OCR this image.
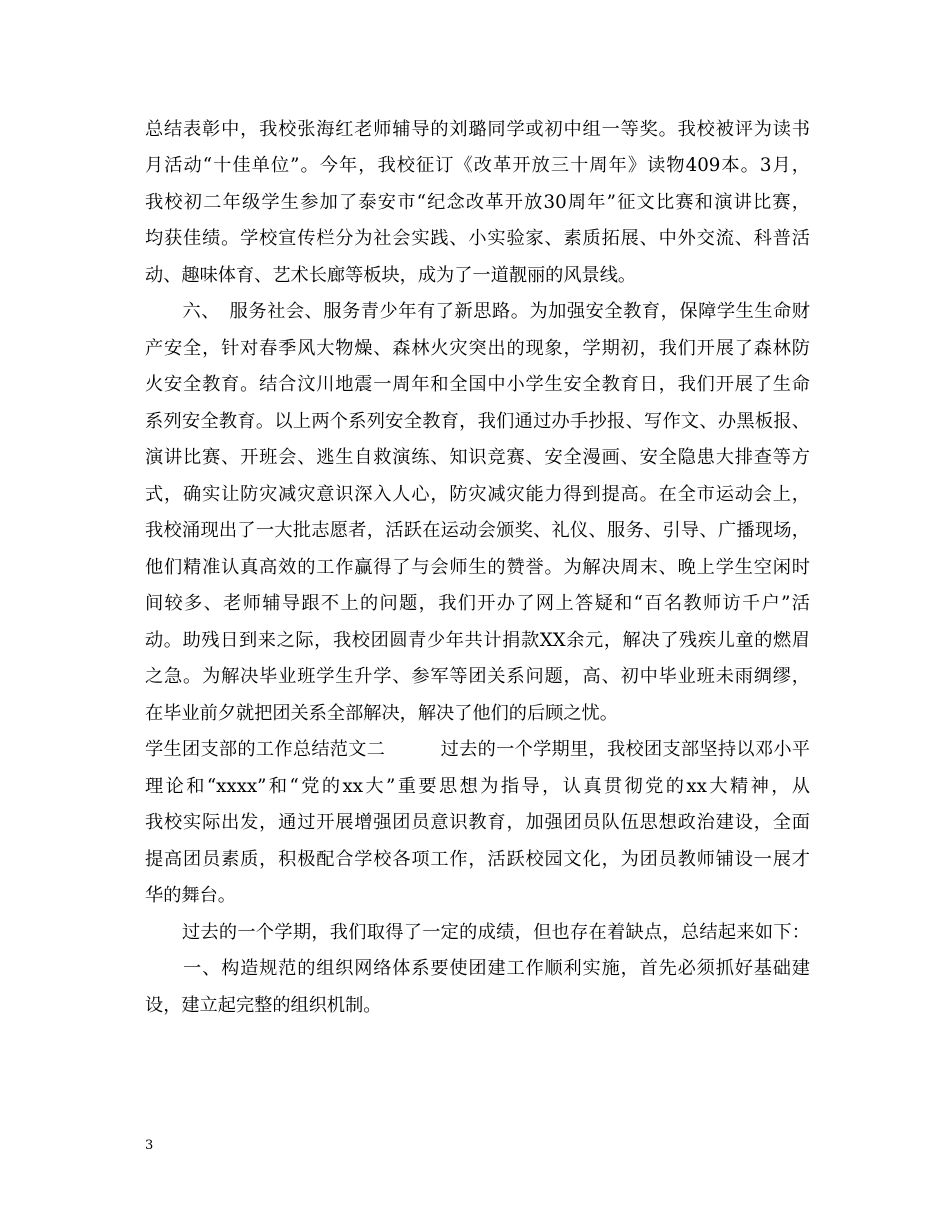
总结表彰中，我校张海红老师辅导的刘璐同学或初中组一等奖。我校被评为读书
月活动“十佳单位”。今年，我校征订《改革开放三十周年》读物409本。3月，
我校初二年级学生参加了泰安市“纪念改革开放30周年”征文比赛和演讲比赛，
均获佳绩。学校宣传栏分为社会实践、小实验家、素质拓展、中外交流、科普活
动、趣味体育、艺术长廊等板块，成为了一道靓丽的风景线。
　　六、　服务社会、服务青少年有了新思路。为加强安全教育，保障学生生命财
产安全，针对春季风大物燥、森林火灾突出的现象，学期初，我们开展了森林防
火安全教育。结合汶川地震一周年和全国中小学生安全教育日，我们开展了生命
系列安全教育。以上两个系列安全教育，我们通过办手抄报、写作文、办黑板报、
演讲比赛、开班会、逃生自救演练、知识竞赛、安全漫画、安全隐患大排查等方
式，确实让防灾减灾意识深入人心，防灾减灾能力得到提高。在全市运动会上，
我校涌现出了一大批志愿者，活跃在运动会颁奖、礼仪、服务、引导、广播现场，
他们精准认真高效的工作赢得了与会师生的赞誉。为解决周末、晚上学生空闲时
间较多、老师辅导跟不上的问题，我们开办了网上答疑和“百名教师访千户”活
动。助残日到来之际，我校团圆青少年共计捐款XX余元，解决了残疾儿童的燃眉
之急。为解决毕业班学生升学、参军等团关系问题，高、初中毕业班未雨绸缪，
在毕业前夕就把团关系全部解决，解决了他们的后顾之忧。
学生团支部的工作总结范文二　　　过去的一个学期里，我校团支部坚持以邓小平
理论和“xxxx”和“党的xx大”重要思想为指导，认真贯彻党的xx大精神，从
我校实际出发，通过开展增强团员意识教育，加强团员队伍思想政治建设，全面
提高团员素质，积极配合学校各项工作，活跃校园文化，为团员教师铺设一展才
华的舞台。
　　过去的一个学期，我们取得了一定的成绩，但也存在着缺点，总结起来如下：
　　一、构造规范的组织网络体系要使团建工作顺利实施，首先必须抓好基础建
设，建立起完整的组织机制。
3
